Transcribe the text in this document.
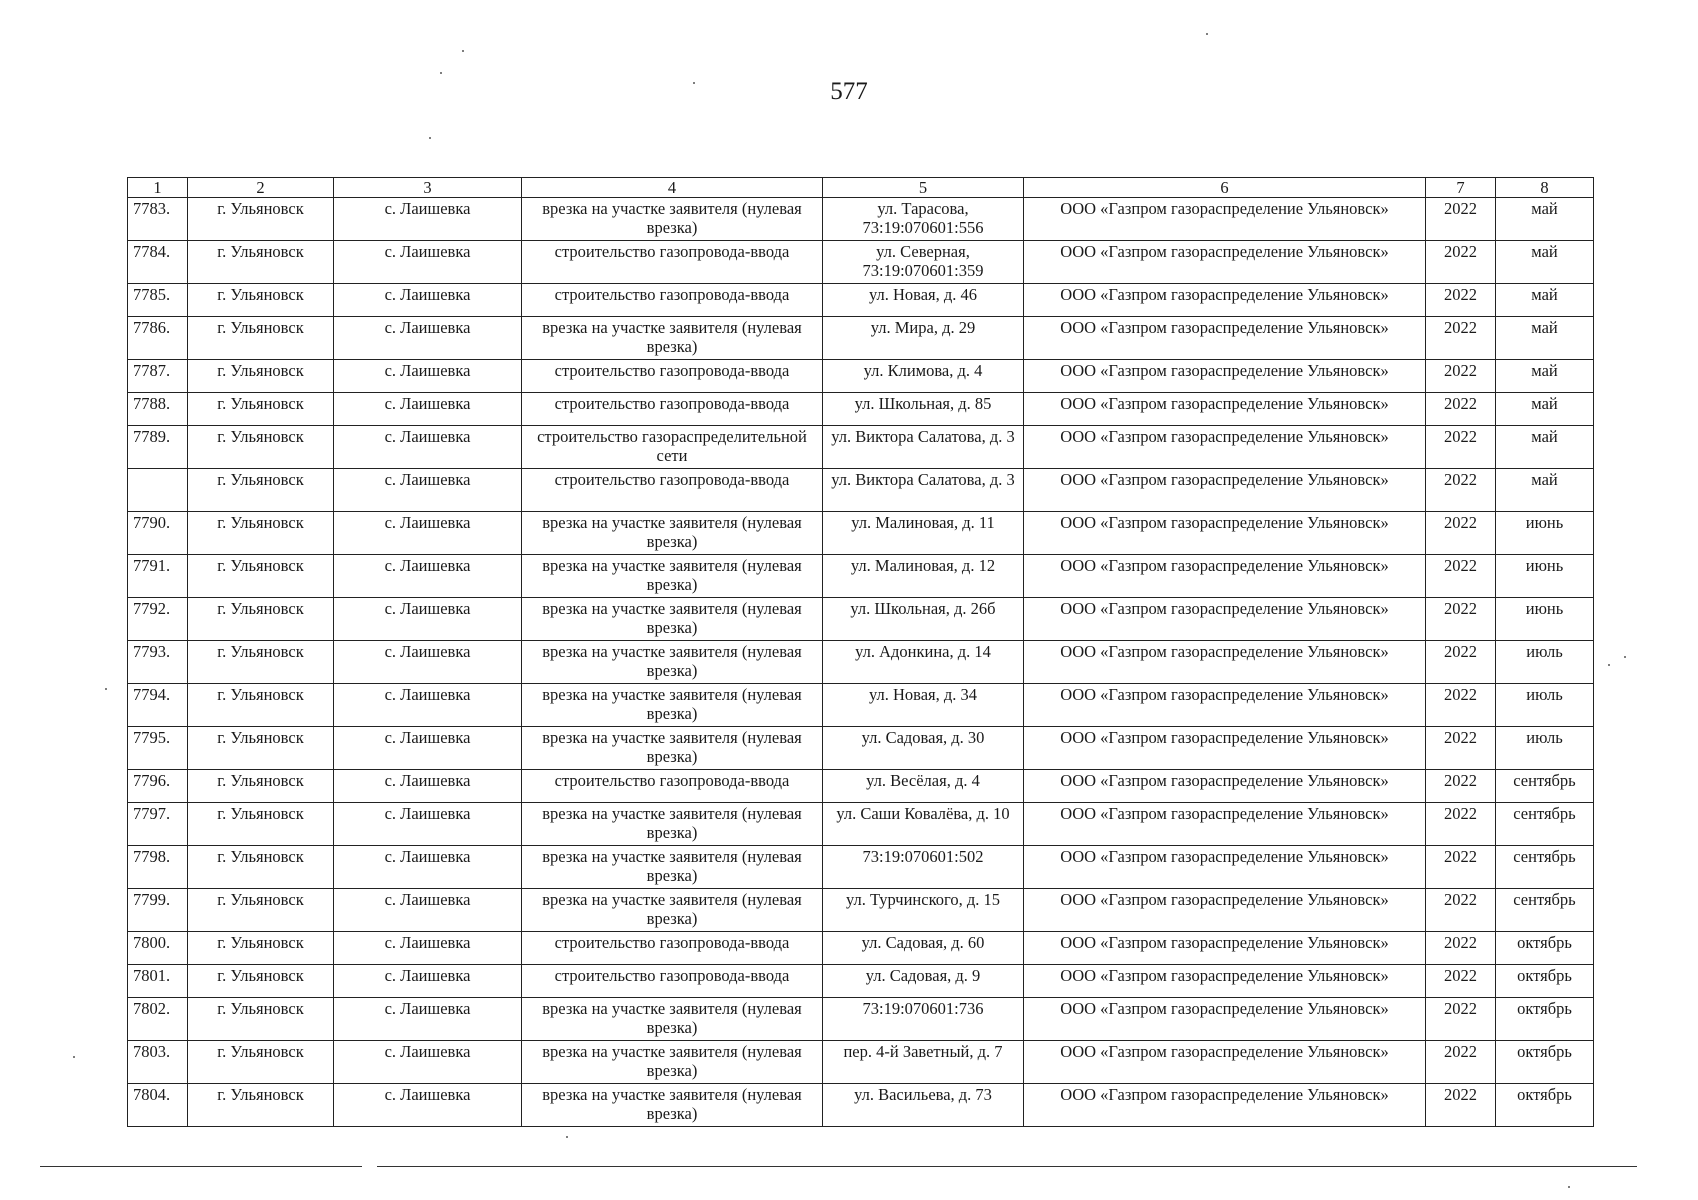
577
1	2	3	4	5	6	7	8
7783.	г. Ульяновск	с. Лаишевка	врезка на участке заявителя (нулевая врезка)	ул. Тарасова, 73:19:070601:556	ООО «Газпром газораспределение Ульяновск»	2022	май
7784.	г. Ульяновск	с. Лаишевка	строительство газопровода-ввода	ул. Северная, 73:19:070601:359	ООО «Газпром газораспределение Ульяновск»	2022	май
7785.	г. Ульяновск	с. Лаишевка	строительство газопровода-ввода	ул. Новая, д. 46	ООО «Газпром газораспределение Ульяновск»	2022	май
7786.	г. Ульяновск	с. Лаишевка	врезка на участке заявителя (нулевая врезка)	ул. Мира, д. 29	ООО «Газпром газораспределение Ульяновск»	2022	май
7787.	г. Ульяновск	с. Лаишевка	строительство газопровода-ввода	ул. Климова, д. 4	ООО «Газпром газораспределение Ульяновск»	2022	май
7788.	г. Ульяновск	с. Лаишевка	строительство газопровода-ввода	ул. Школьная, д. 85	ООО «Газпром газораспределение Ульяновск»	2022	май
7789.	г. Ульяновск	с. Лаишевка	строительство газораспределительной сети	ул. Виктора Салатова, д. 3	ООО «Газпром газораспределение Ульяновск»	2022	май
	г. Ульяновск	с. Лаишевка	строительство газопровода-ввода	ул. Виктора Салатова, д. 3	ООО «Газпром газораспределение Ульяновск»	2022	май
7790.	г. Ульяновск	с. Лаишевка	врезка на участке заявителя (нулевая врезка)	ул. Малиновая, д. 11	ООО «Газпром газораспределение Ульяновск»	2022	июнь
7791.	г. Ульяновск	с. Лаишевка	врезка на участке заявителя (нулевая врезка)	ул. Малиновая, д. 12	ООО «Газпром газораспределение Ульяновск»	2022	июнь
7792.	г. Ульяновск	с. Лаишевка	врезка на участке заявителя (нулевая врезка)	ул. Школьная, д. 26б	ООО «Газпром газораспределение Ульяновск»	2022	июнь
7793.	г. Ульяновск	с. Лаишевка	врезка на участке заявителя (нулевая врезка)	ул. Адонкина, д. 14	ООО «Газпром газораспределение Ульяновск»	2022	июль
7794.	г. Ульяновск	с. Лаишевка	врезка на участке заявителя (нулевая врезка)	ул. Новая, д. 34	ООО «Газпром газораспределение Ульяновск»	2022	июль
7795.	г. Ульяновск	с. Лаишевка	врезка на участке заявителя (нулевая врезка)	ул. Садовая, д. 30	ООО «Газпром газораспределение Ульяновск»	2022	июль
7796.	г. Ульяновск	с. Лаишевка	строительство газопровода-ввода	ул. Весёлая, д. 4	ООО «Газпром газораспределение Ульяновск»	2022	сентябрь
7797.	г. Ульяновск	с. Лаишевка	врезка на участке заявителя (нулевая врезка)	ул. Саши Ковалёва, д. 10	ООО «Газпром газораспределение Ульяновск»	2022	сентябрь
7798.	г. Ульяновск	с. Лаишевка	врезка на участке заявителя (нулевая врезка)	73:19:070601:502	ООО «Газпром газораспределение Ульяновск»	2022	сентябрь
7799.	г. Ульяновск	с. Лаишевка	врезка на участке заявителя (нулевая врезка)	ул. Турчинского, д. 15	ООО «Газпром газораспределение Ульяновск»	2022	сентябрь
7800.	г. Ульяновск	с. Лаишевка	строительство газопровода-ввода	ул. Садовая, д. 60	ООО «Газпром газораспределение Ульяновск»	2022	октябрь
7801.	г. Ульяновск	с. Лаишевка	строительство газопровода-ввода	ул. Садовая, д. 9	ООО «Газпром газораспределение Ульяновск»	2022	октябрь
7802.	г. Ульяновск	с. Лаишевка	врезка на участке заявителя (нулевая врезка)	73:19:070601:736	ООО «Газпром газораспределение Ульяновск»	2022	октябрь
7803.	г. Ульяновск	с. Лаишевка	врезка на участке заявителя (нулевая врезка)	пер. 4-й Заветный, д. 7	ООО «Газпром газораспределение Ульяновск»	2022	октябрь
7804.	г. Ульяновск	с. Лаишевка	врезка на участке заявителя (нулевая врезка)	ул. Васильева, д. 73	ООО «Газпром газораспределение Ульяновск»	2022	октябрь
